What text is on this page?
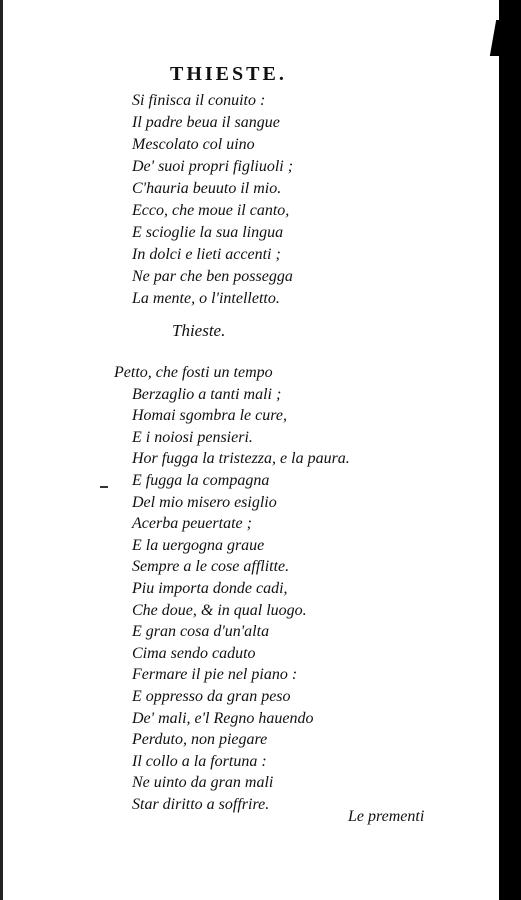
THIESTE.
Si finisca il conuito :
Il padre beua il sangue
Mescolato col uino
De' suoi propri figliuoli ;
C'hauria beuuto il mio.
Ecco, che moue il canto,
E scioglie la sua lingua
In dolci e lieti accenti ;
Ne par che ben possegga
La mente, o l'intelletto.
Thieste.
Petto, che fosti un tempo
Berzaglio a tanti mali ;
Homai sgombra le cure,
E i noiosi pensieri.
Hor fugga la tristezza, e la paura.
E fugga la compagna
Del mio misero esiglio
Acerba peuertate ;
E la uergogna graue
Sempre a le cose afflitte.
Piu importa donde cadi,
Che doue, & in qual luogo.
E gran cosa d'un'alta
Cima sendo caduto
Fermare il pie nel piano :
E oppresso da gran peso
De' mali, e'l Regno hauendo
Perduto, non piegare
Il collo a la fortuna :
Ne uinto da gran mali
Star diritto a soffrire.
Le prementi
